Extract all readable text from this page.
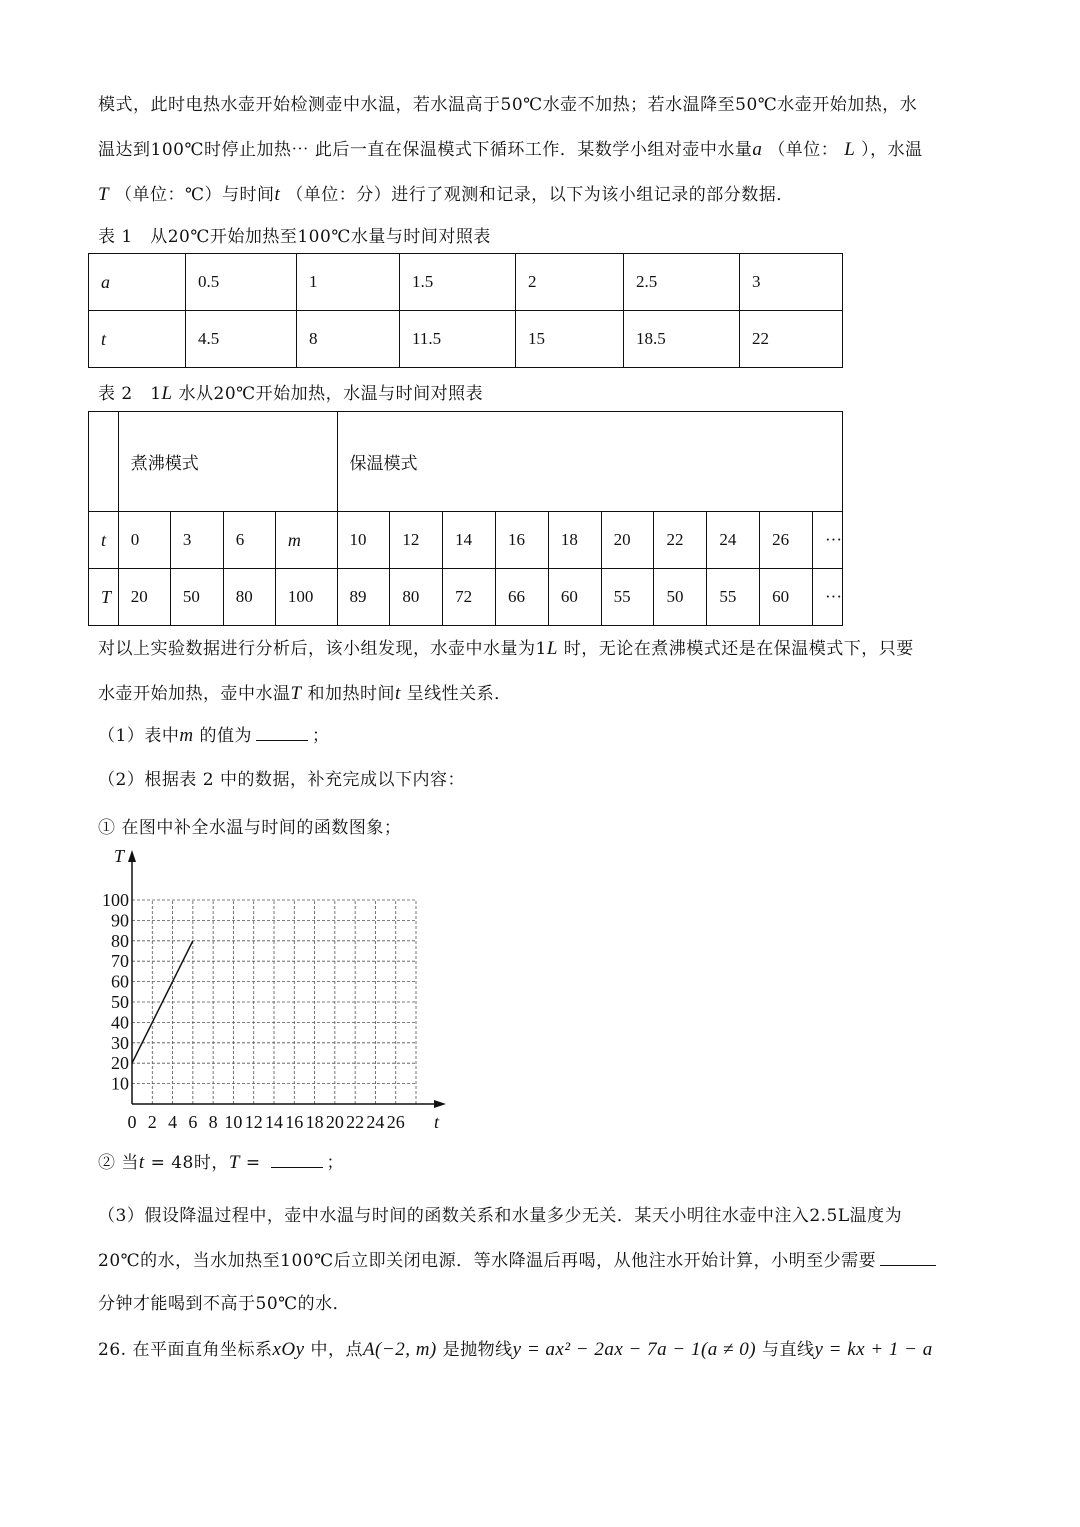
模式，此时电热水壶开始检测壶中水温，若水温高于50℃水壶不加热；若水温降至50℃水壶开始加热，水
温达到100℃时停止加热⋯ 此后一直在保温模式下循环工作．某数学小组对壶中水量a （单位： L ），水温
T （单位：℃）与时间t （单位：分）进行了观测和记录，以下为该小组记录的部分数据．
表 1　从20℃开始加热至100℃水量与时间对照表
a	0.5	1	1.5	2	2.5	3
t	4.5	8	11.5	15	18.5	22
表 2　1L 水从20℃开始加热，水温与时间对照表
	煮沸模式				保温模式									
t	0	3	6	m	10	12	14	16	18	20	22	24	26	···
T	20	50	80	100	89	80	72	66	60	55	50	55	60	···
对以上实验数据进行分析后，该小组发现，水壶中水量为1L 时，无论在煮沸模式还是在保温模式下，只要
水壶开始加热，壶中水温T 和加热时间t 呈线性关系．
（1）表中m 的值为	；
（2）根据表 2 中的数据，补充完成以下内容：
① 在图中补全水温与时间的函数图象；
t
T
0 2 4 6 8 10 12 14 16 18 20 22 24 26
10
20
30
40
50
60
70
80
90
100
② 当t = 48时，T =	；
（3）假设降温过程中，壶中水温与时间的函数关系和水量多少无关．某天小明往水壶中注入2.5L温度为
20℃的水，当水加热至100℃后立即关闭电源．等水降温后再喝，从他注水开始计算，小明至少需要
分钟才能喝到不高于50℃的水．
26. 在平面直角坐标系xOy 中，点A(−2, m) 是抛物线y = ax² − 2ax − 7a − 1(a ≠ 0) 与直线y = kx + 1 − a
